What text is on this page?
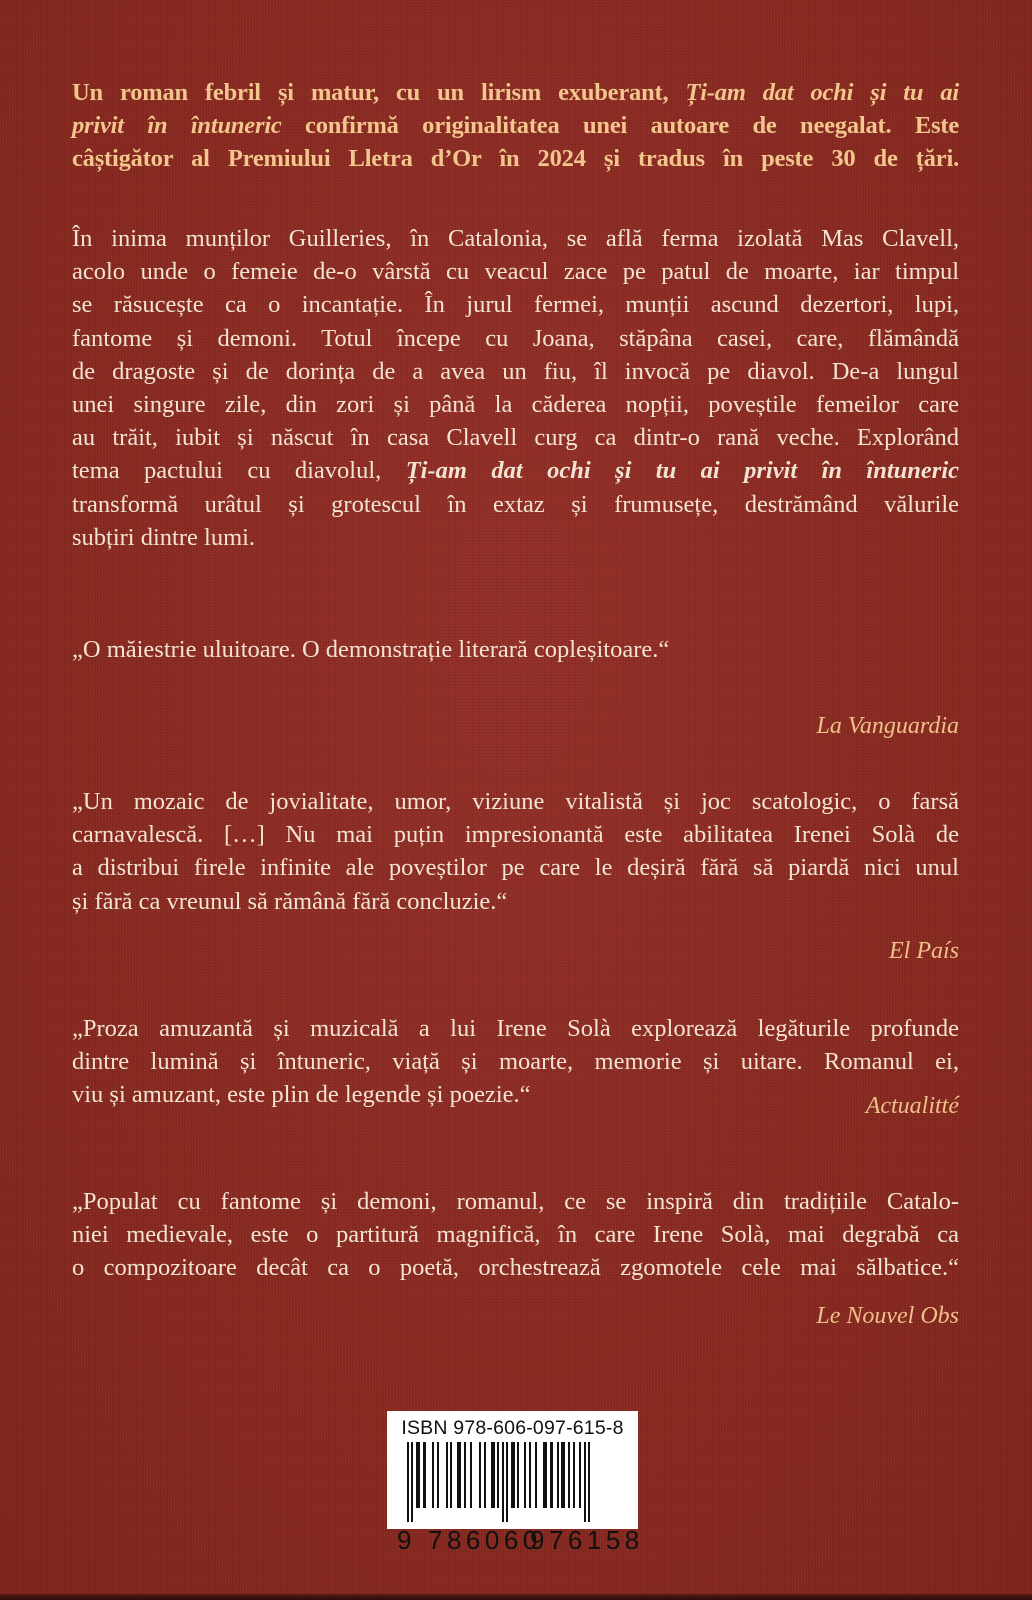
Un roman febril și matur, cu un lirism exuberant, Ți-am dat ochi și tu ai
privit în întuneric confirmă originalitatea unei autoare de neegalat. Este
câștigător al Premiului Lletra d’Or în 2024 și tradus în peste 30 de țări.
În inima munților Guilleries, în Catalonia, se află ferma izolată Mas Clavell,
acolo unde o femeie de-o vârstă cu veacul zace pe patul de moarte, iar timpul
se răsucește ca o incantație. În jurul fermei, munții ascund dezertori, lupi,
fantome și demoni. Totul începe cu Joana, stăpâna casei, care, flămândă
de dragoste și de dorința de a avea un fiu, îl invocă pe diavol. De-a lungul
unei singure zile, din zori și până la căderea nopții, poveștile femeilor care
au trăit, iubit și născut în casa Clavell curg ca dintr-o rană veche. Explorând
tema pactului cu diavolul, Ți-am dat ochi și tu ai privit în întuneric
transformă urâtul și grotescul în extaz și frumusețe, destrămând vălurile
subțiri dintre lumi.
„O măiestrie uluitoare. O demonstrație literară copleșitoare.“
La Vanguardia
„Un mozaic de jovialitate, umor, viziune vitalistă și joc scatologic, o farsă
carnavalescă. […] Nu mai puțin impresionantă este abilitatea Irenei Solà de
a distribui firele infinite ale poveștilor pe care le deșiră fără să piardă nici unul
și fără ca vreunul să rămână fără concluzie.“
El País
„Proza amuzantă și muzicală a lui Irene Solà explorează legăturile profunde
dintre lumină și întuneric, viață și moarte, memorie și uitare. Romanul ei,
viu și amuzant, este plin de legende și poezie.“	Actualitté
„Populat cu fantome și demoni, romanul, ce se inspiră din tradițiile Catalo-
niei medievale, este o partitură magnifică, în care Irene Solà, mai degrabă ca
o compozitoare decât ca o poetă, orchestrează zgomotele cele mai sălbatice.“
Le Nouvel Obs
ISBN 978-606-097-615-8
9 786060
976158
